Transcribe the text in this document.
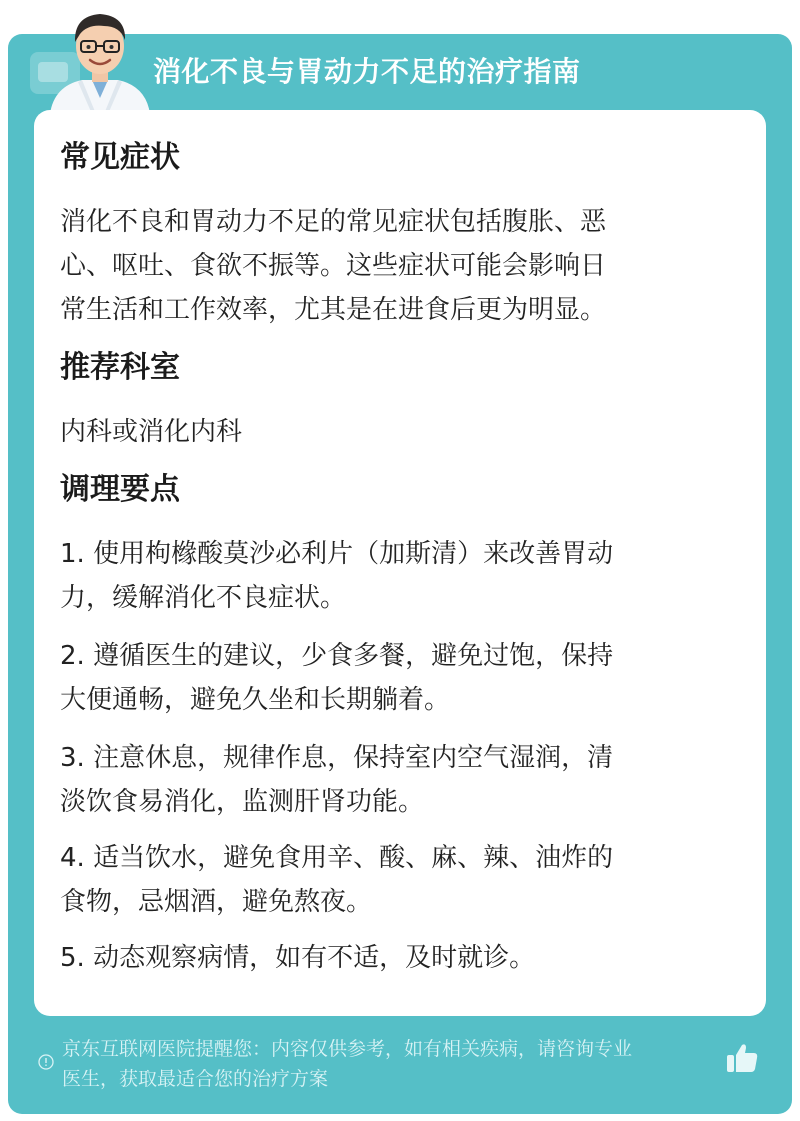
消化不良与胃动力不足的治疗指南
常见症状
消化不良和胃动力不足的常见症状包括腹胀、恶
心、呕吐、食欲不振等。这些症状可能会影响日
常生活和工作效率，尤其是在进食后更为明显。
推荐科室
内科或消化内科
调理要点
1. 使用枸橼酸莫沙必利片（加斯清）来改善胃动
力，缓解消化不良症状。
2. 遵循医生的建议，少食多餐，避免过饱，保持
大便通畅，避免久坐和长期躺着。
3. 注意休息，规律作息，保持室内空气湿润，清
淡饮食易消化，监测肝肾功能。
4. 适当饮水，避免食用辛、酸、麻、辣、油炸的
食物，忌烟酒，避免熬夜。
5. 动态观察病情，如有不适，及时就诊。
京东互联网医院提醒您：内容仅供参考，如有相关疾病，请咨询专业
医生，获取最适合您的治疗方案
